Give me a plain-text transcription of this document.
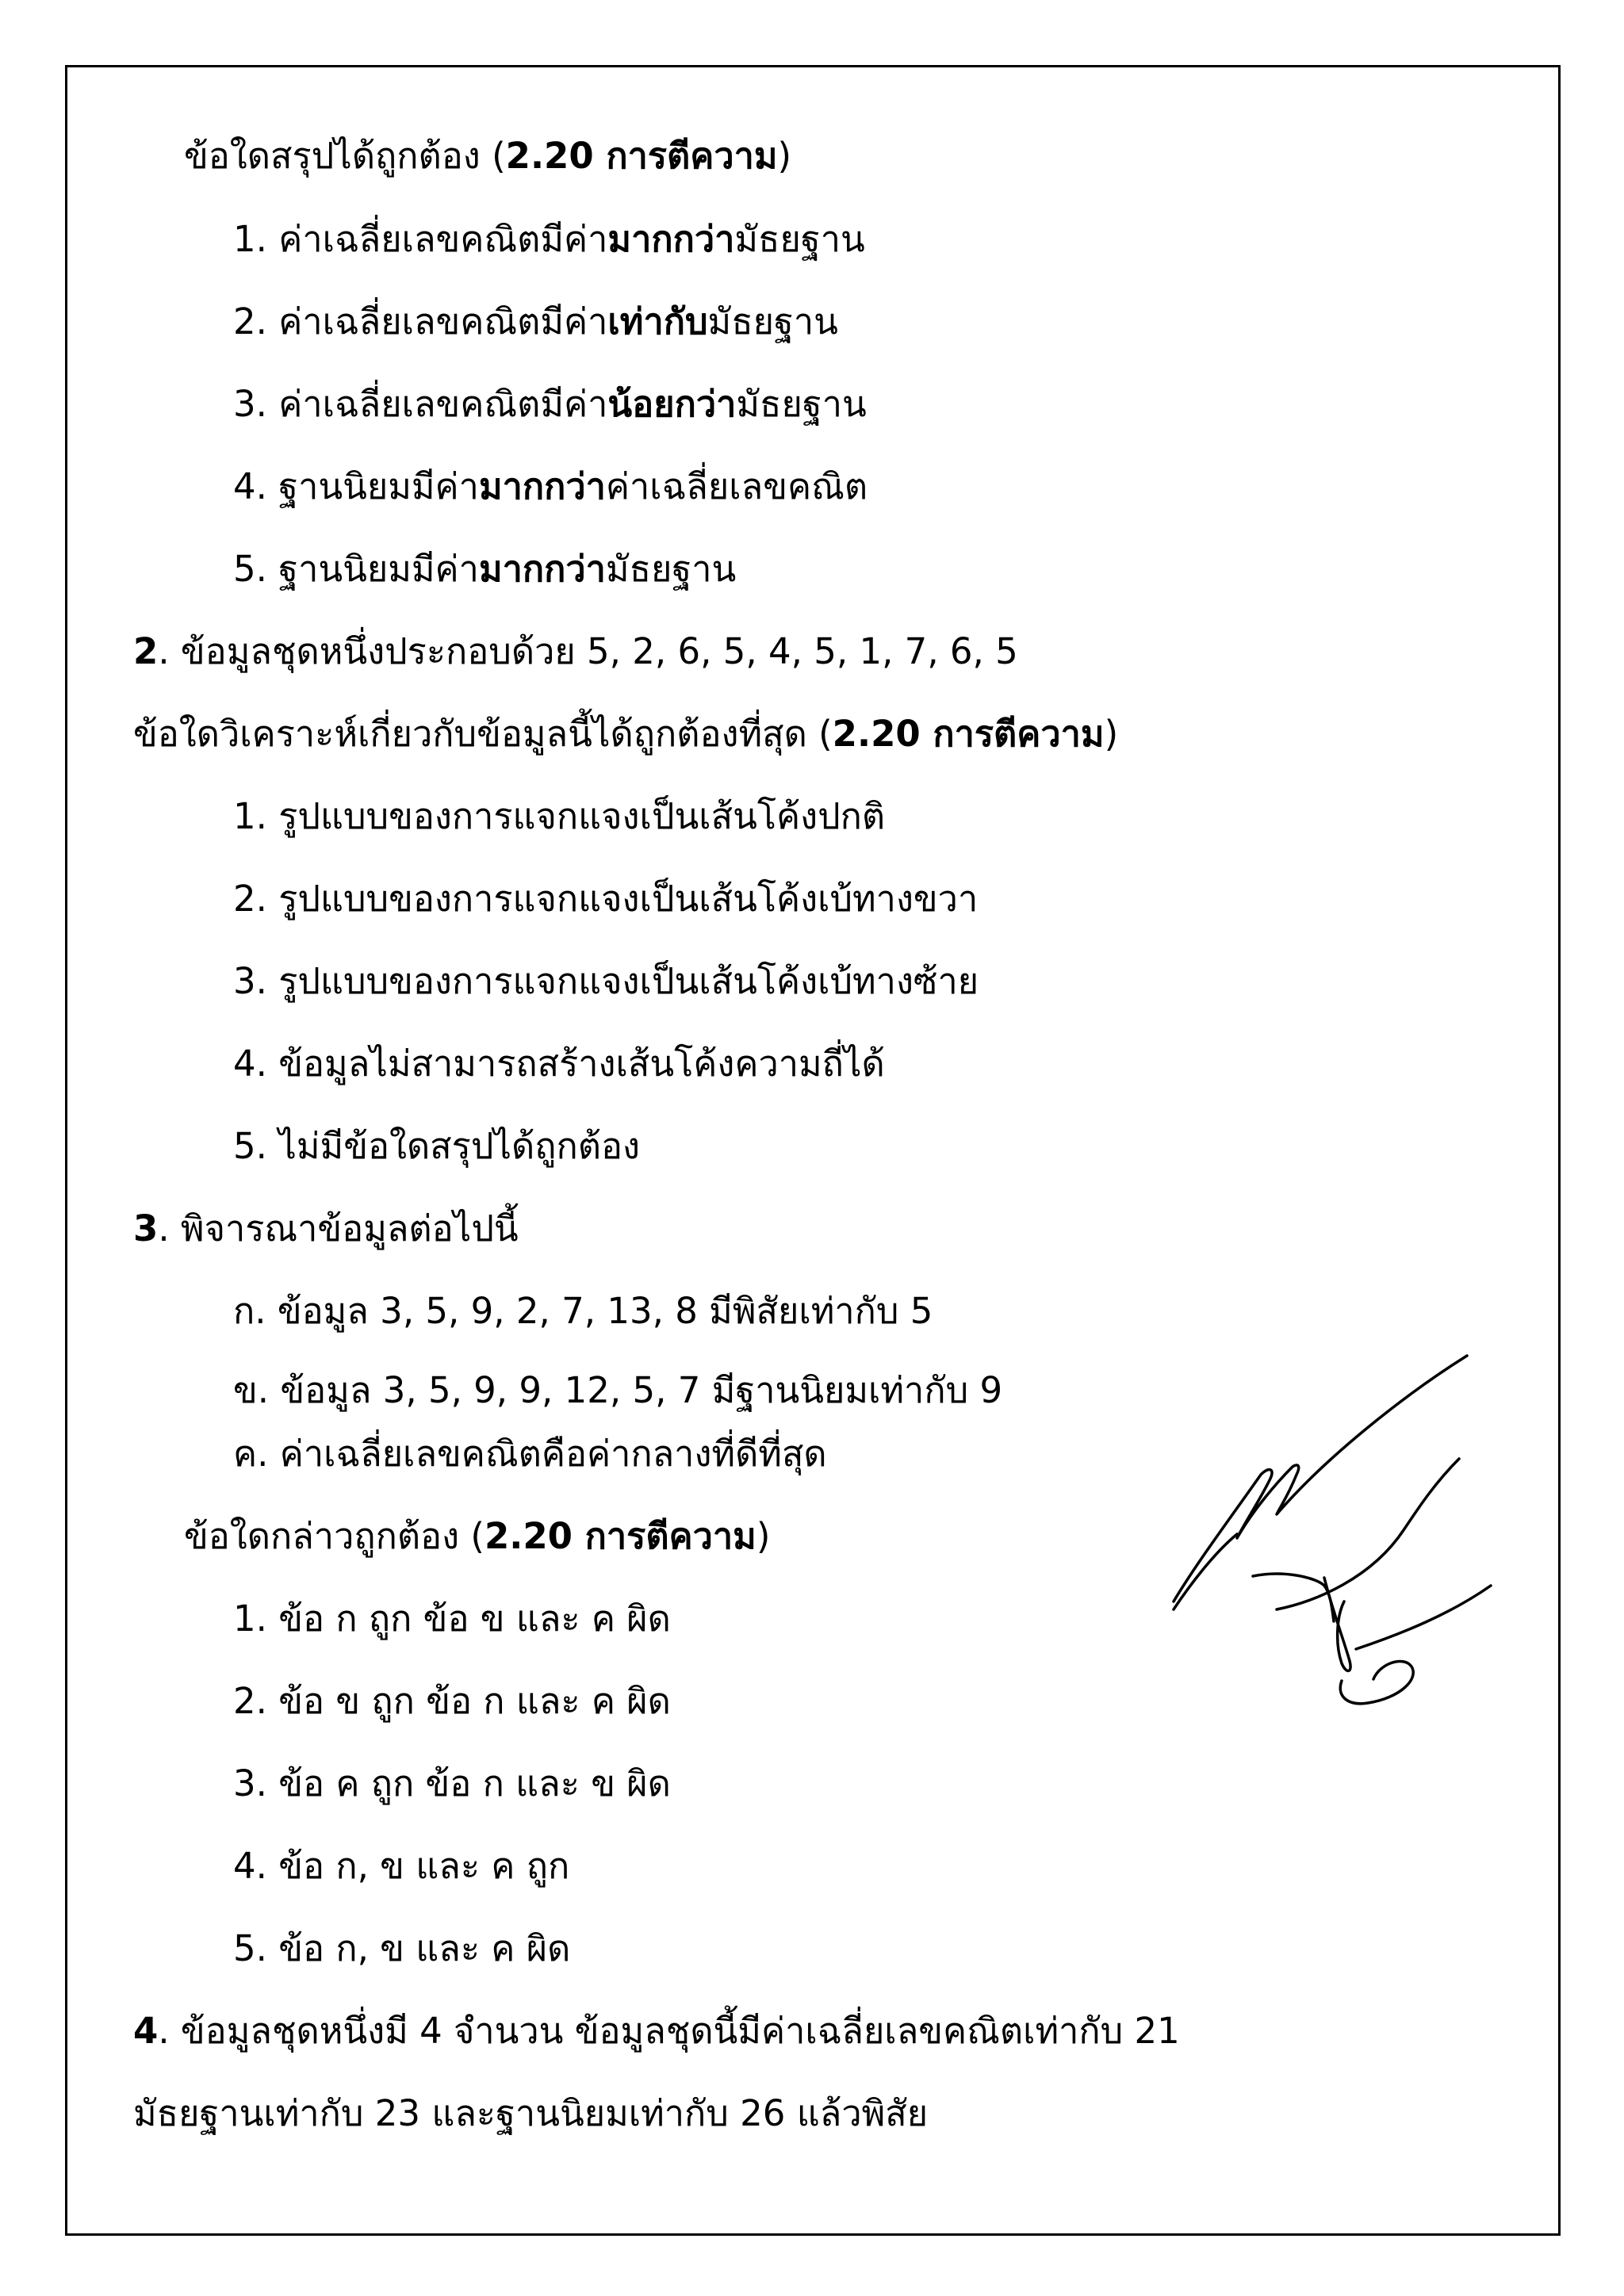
ข้อใดสรุปได้ถูกต้อง (2.20 การตีความ)
1. ค่าเฉลี่ยเลขคณิตมีค่ามากกว่ามัธยฐาน
2. ค่าเฉลี่ยเลขคณิตมีค่าเท่ากับมัธยฐาน
3. ค่าเฉลี่ยเลขคณิตมีค่าน้อยกว่ามัธยฐาน
4. ฐานนิยมมีค่ามากกว่าค่าเฉลี่ยเลขคณิต
5. ฐานนิยมมีค่ามากกว่ามัธยฐาน
2. ข้อมูลชุดหนึ่งประกอบด้วย 5, 2, 6, 5, 4, 5, 1, 7, 6, 5
ข้อใดวิเคราะห์เกี่ยวกับข้อมูลนี้ได้ถูกต้องที่สุด (2.20 การตีความ)
1. รูปแบบของการแจกแจงเป็นเส้นโค้งปกติ
2. รูปแบบของการแจกแจงเป็นเส้นโค้งเบ้ทางขวา
3. รูปแบบของการแจกแจงเป็นเส้นโค้งเบ้ทางซ้าย
4. ข้อมูลไม่สามารถสร้างเส้นโค้งความถี่ได้
5. ไม่มีข้อใดสรุปได้ถูกต้อง
3. พิจารณาข้อมูลต่อไปนี้
ก. ข้อมูล 3, 5, 9, 2, 7, 13, 8 มีพิสัยเท่ากับ 5
ข. ข้อมูล 3, 5, 9, 9, 12, 5, 7 มีฐานนิยมเท่ากับ 9
ค. ค่าเฉลี่ยเลขคณิตคือค่ากลางที่ดีที่สุด
ข้อใดกล่าวถูกต้อง (2.20 การตีความ)
1. ข้อ ก ถูก ข้อ ข และ ค ผิด
2. ข้อ ข ถูก ข้อ ก และ ค ผิด
3. ข้อ ค ถูก ข้อ ก และ ข ผิด
4. ข้อ ก, ข และ ค ถูก
5. ข้อ ก, ข และ ค ผิด
4. ข้อมูลชุดหนึ่งมี 4 จำนวน ข้อมูลชุดนี้มีค่าเฉลี่ยเลขคณิตเท่ากับ 21
มัธยฐานเท่ากับ 23 และฐานนิยมเท่ากับ 26 แล้วพิสัย
